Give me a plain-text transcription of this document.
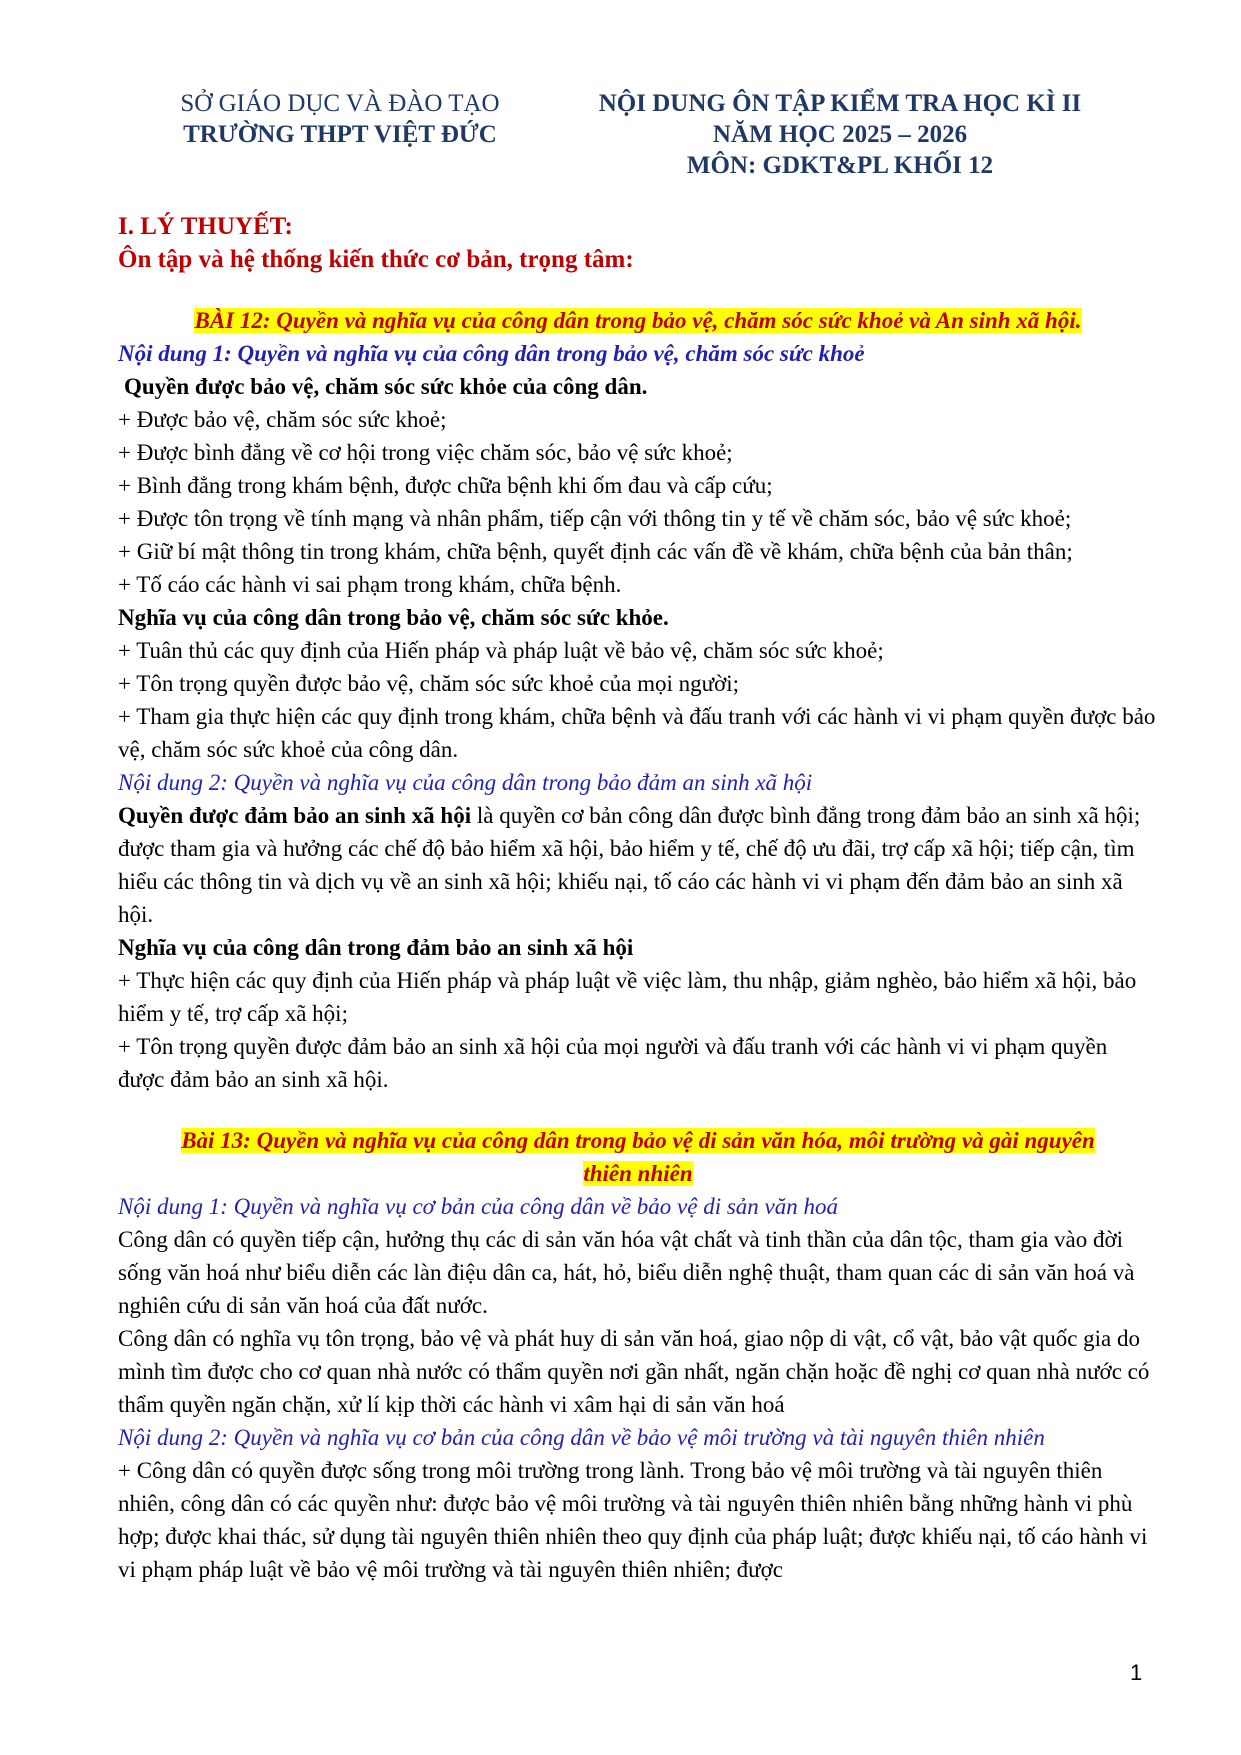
SỞ GIÁO DỤC VÀ ĐÀO TẠO
TRƯỜNG THPT VIỆT ĐỨC
NỘI DUNG ÔN TẬP KIỂM TRA HỌC KÌ II
NĂM HỌC 2025 – 2026
MÔN: GDKT&PL KHỐI 12

I. LÝ THUYẾT:

Ôn tập và hệ thống kiến thức cơ bản, trọng tâm:

BÀI 12: Quyền và nghĩa vụ của công dân trong bảo vệ, chăm sóc sức khoẻ và An sinh xã hội.

Nội dung 1: Quyền và nghĩa vụ của công dân trong bảo vệ, chăm sóc sức khoẻ

Quyền được bảo vệ, chăm sóc sức khỏe của công dân.

+ Được bảo vệ, chăm sóc sức khoẻ;

+ Được bình đẳng về cơ hội trong việc chăm sóc, bảo vệ sức khoẻ;

+ Bình đẳng trong khám bệnh, được chữa bệnh khi ốm đau và cấp cứu;

+ Được tôn trọng về tính mạng và nhân phẩm, tiếp cận với thông tin y tế về chăm sóc, bảo vệ sức khoẻ;

+ Giữ bí mật thông tin trong khám, chữa bệnh, quyết định các vấn đề về khám, chữa bệnh của bản thân;

+ Tố cáo các hành vi sai phạm trong khám, chữa bệnh.

Nghĩa vụ của công dân trong bảo vệ, chăm sóc sức khỏe.

+ Tuân thủ các quy định của Hiến pháp và pháp luật về bảo vệ, chăm sóc sức khoẻ;

+ Tôn trọng quyền được bảo vệ, chăm sóc sức khoẻ của mọi người;

+ Tham gia thực hiện các quy định trong khám, chữa bệnh và đấu tranh với các hành vi vi phạm quyền được bảo vệ, chăm sóc sức khoẻ của công dân.

Nội dung 2: Quyền và nghĩa vụ của công dân trong bảo đảm an sinh xã hội

Quyền được đảm bảo an sinh xã hội là quyền cơ bản công dân được bình đẳng trong đảm bảo an sinh xã hội; được tham gia và hưởng các chế độ bảo hiểm xã hội, bảo hiểm y tế, chế độ ưu đãi, trợ cấp xã hội; tiếp cận, tìm hiểu các thông tin và dịch vụ về an sinh xã hội; khiếu nại, tố cáo các hành vi vi phạm đến đảm bảo an sinh xã hội.

Nghĩa vụ của công dân trong đảm bảo an sinh xã hội

+ Thực hiện các quy định của Hiến pháp và pháp luật về việc làm, thu nhập, giảm nghèo, bảo hiểm xã hội, bảo hiểm y tế, trợ cấp xã hội;

+ Tôn trọng quyền được đảm bảo an sinh xã hội của mọi người và đấu tranh với các hành vi vi phạm quyền được đảm bảo an sinh xã hội.

Bài 13: Quyền và nghĩa vụ của công dân trong bảo vệ di sản văn hóa, môi trường và gài nguyên
thiên nhiên

Nội dung 1: Quyền và nghĩa vụ cơ bản của công dân về bảo vệ di sản văn hoá

Công dân có quyền tiếp cận, hưởng thụ các di sản văn hóa vật chất và tinh thần của dân tộc, tham gia vào đời sống văn hoá như biểu diễn các làn điệu dân ca, hát, hỏ, biểu diễn nghệ thuật, tham quan các di sản văn hoá và nghiên cứu di sản văn hoá của đất nước.

Công dân có nghĩa vụ tôn trọng, bảo vệ và phát huy di sản văn hoá, giao nộp di vật, cổ vật, bảo vật quốc gia do mình tìm được cho cơ quan nhà nước có thẩm quyền nơi gần nhất, ngăn chặn hoặc đề nghị cơ quan nhà nước có thẩm quyền ngăn chặn, xử lí kịp thời các hành vi xâm hại di sản văn hoá

Nội dung 2: Quyền và nghĩa vụ cơ bản của công dân về bảo vệ môi trường và tài nguyên thiên nhiên

+ Công dân có quyền được sống trong môi trường trong lành. Trong bảo vệ môi trường và tài nguyên thiên nhiên, công dân có các quyền như: được bảo vệ môi trường và tài nguyên thiên nhiên bằng những hành vi phù hợp; được khai thác, sử dụng tài nguyên thiên nhiên theo quy định của pháp luật; được khiếu nại, tố cáo hành vi vi phạm pháp luật về bảo vệ môi trường và tài nguyên thiên nhiên; được

1
